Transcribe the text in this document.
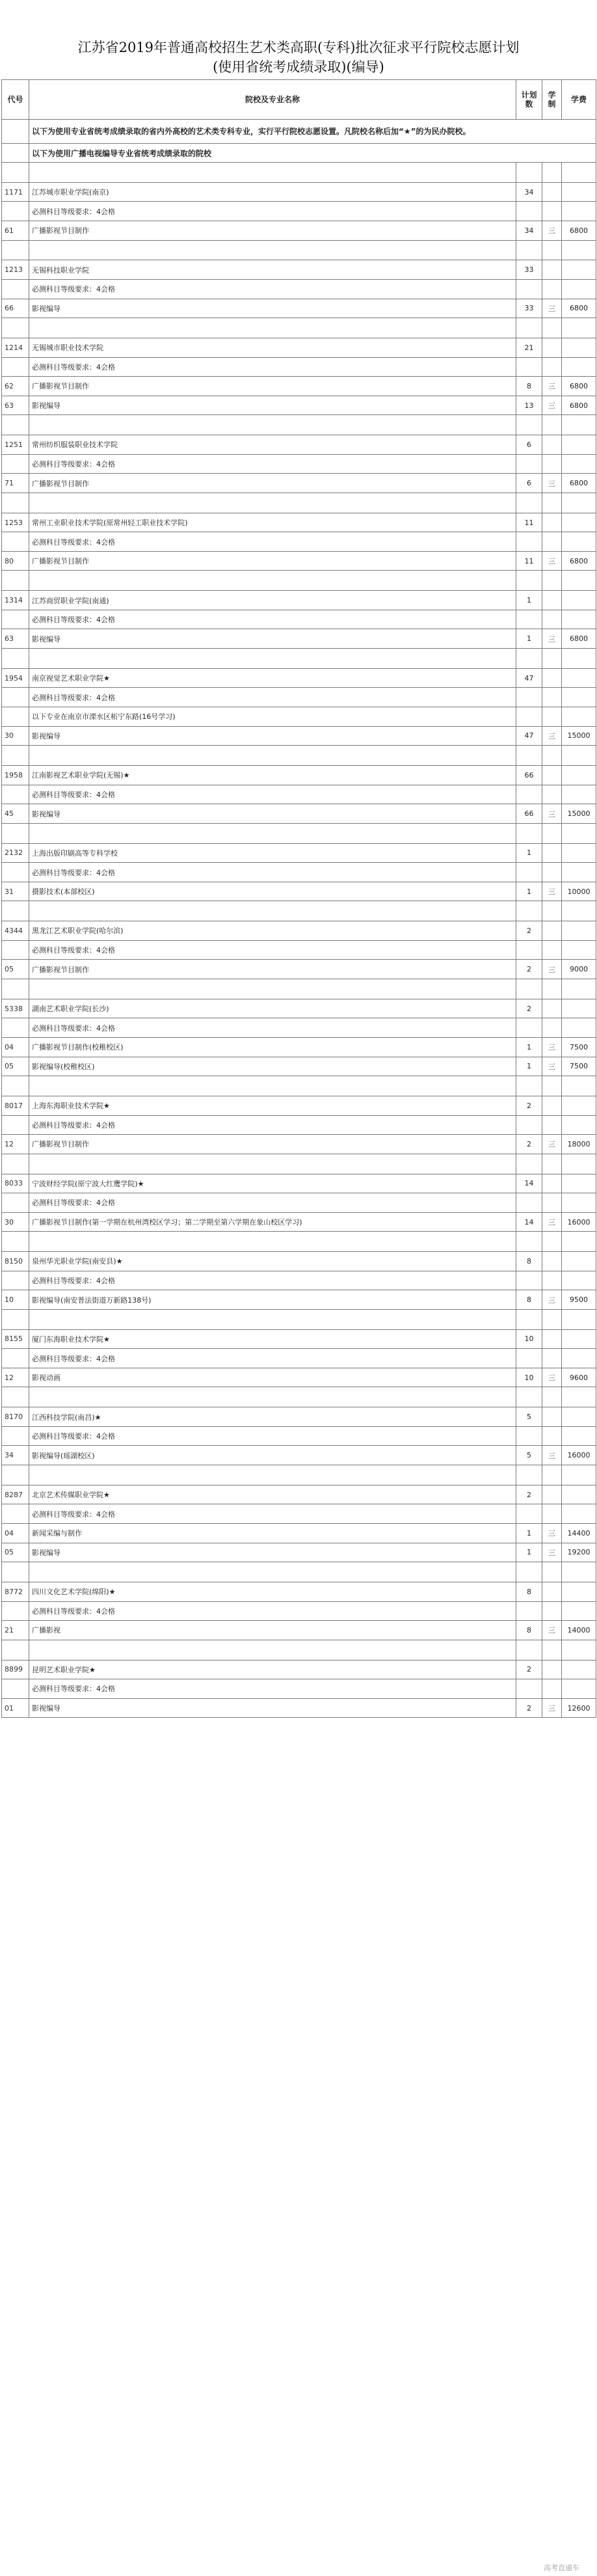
江苏省2019年普通高校招生艺术类高职(专科)批次征求平行院校志愿计划
(使用省统考成绩录取)(编导)
代号	院校及专业名称	计划数	学制	学费
	以下为使用专业省统考成绩录取的省内外高校的艺术类专科专业，实行平行院校志愿设置。凡院校名称后加“★”的为民办院校。			
	以下为使用广播电视编导专业省统考成绩录取的院校			

1171	江苏城市职业学院(南京)	34		
	必测科目等级要求：4会格			
61	广播影视节目制作	34	三	6800

1213	无锡科技职业学院	33		
	必测科目等级要求：4会格			
66	影视编导	33	三	6800

1214	无锡城市职业技术学院	21		
	必测科目等级要求：4会格			
62	广播影视节目制作	8	三	6800
63	影视编导	13	三	6800

1251	常州纺织服装职业技术学院	6		
	必测科目等级要求：4会格			
71	广播影视节目制作	6	三	6800

1253	常州工业职业技术学院(原常州轻工职业技术学院)	11		
	必测科目等级要求：4会格			
80	广播影视节目制作	11	三	6800

1314	江苏商贸职业学院(南通)	1		
	必测科目等级要求：4会格			
63	影视编导	1	三	6800

1954	南京视觉艺术职业学院★	47		
	必测科目等级要求：4会格			
	以下专业在南京市溧水区柘宁东路(16号学习)			
30	影视编导	47	三	15000

1958	江南影视艺术职业学院(无锡)★	66		
	必测科目等级要求：4会格			
45	影视编导	66	三	15000

2132	上海出版印刷高等专科学校	1		
	必测科目等级要求：4会格			
31	摄影技术(本部校区)	1	三	10000

4344	黑龙江艺术职业学院(哈尔滨)	2		
	必测科目等级要求：4会格			
05	广播影视节目制作	2	三	9000

5338	湖南艺术职业学院(长沙)	2		
	必测科目等级要求：4会格			
04	广播影视节目制作(校稚校区)	1	三	7500
05	影视编导(校稚校区)	1	三	7500

8017	上海东海职业技术学院★	2		
	必测科目等级要求：4会格			
12	广播影视节目制作	2	三	18000

8033	宁波财经学院(原宁波大红鹰学院)★	14		
	必测科目等级要求：4会格			
30	广播影视节目制作(第一学期在杭州湾校区学习；第二学期至第六学期在象山校区学习)	14	三	16000

8150	泉州华光职业学院(南安县)★	8		
	必测科目等级要求：4会格			
10	影视编导(南安普法街道万新路138号)	8	三	9500

8155	厦门东海职业技术学院★	10		
	必测科目等级要求：4会格			
12	影视动画	10	三	9600

8170	江西科技学院(南昌)★	5		
	必测科目等级要求：4会格			
34	影视编导(瑶湖校区)	5	三	16000

8287	北京艺术传媒职业学院★	2		
	必测科目等级要求：4会格			
04	新闻采编与制作	1	三	14400
05	影视编导	1	三	19200

8772	四川文化艺术学院(绵阳)★	8		
	必测科目等级要求：4会格			
21	广播影视	8	三	14000

8899	昆明艺术职业学院★	2		
	必测科目等级要求：4会格			
01	影视编导	2	三	12600
高考直通车
